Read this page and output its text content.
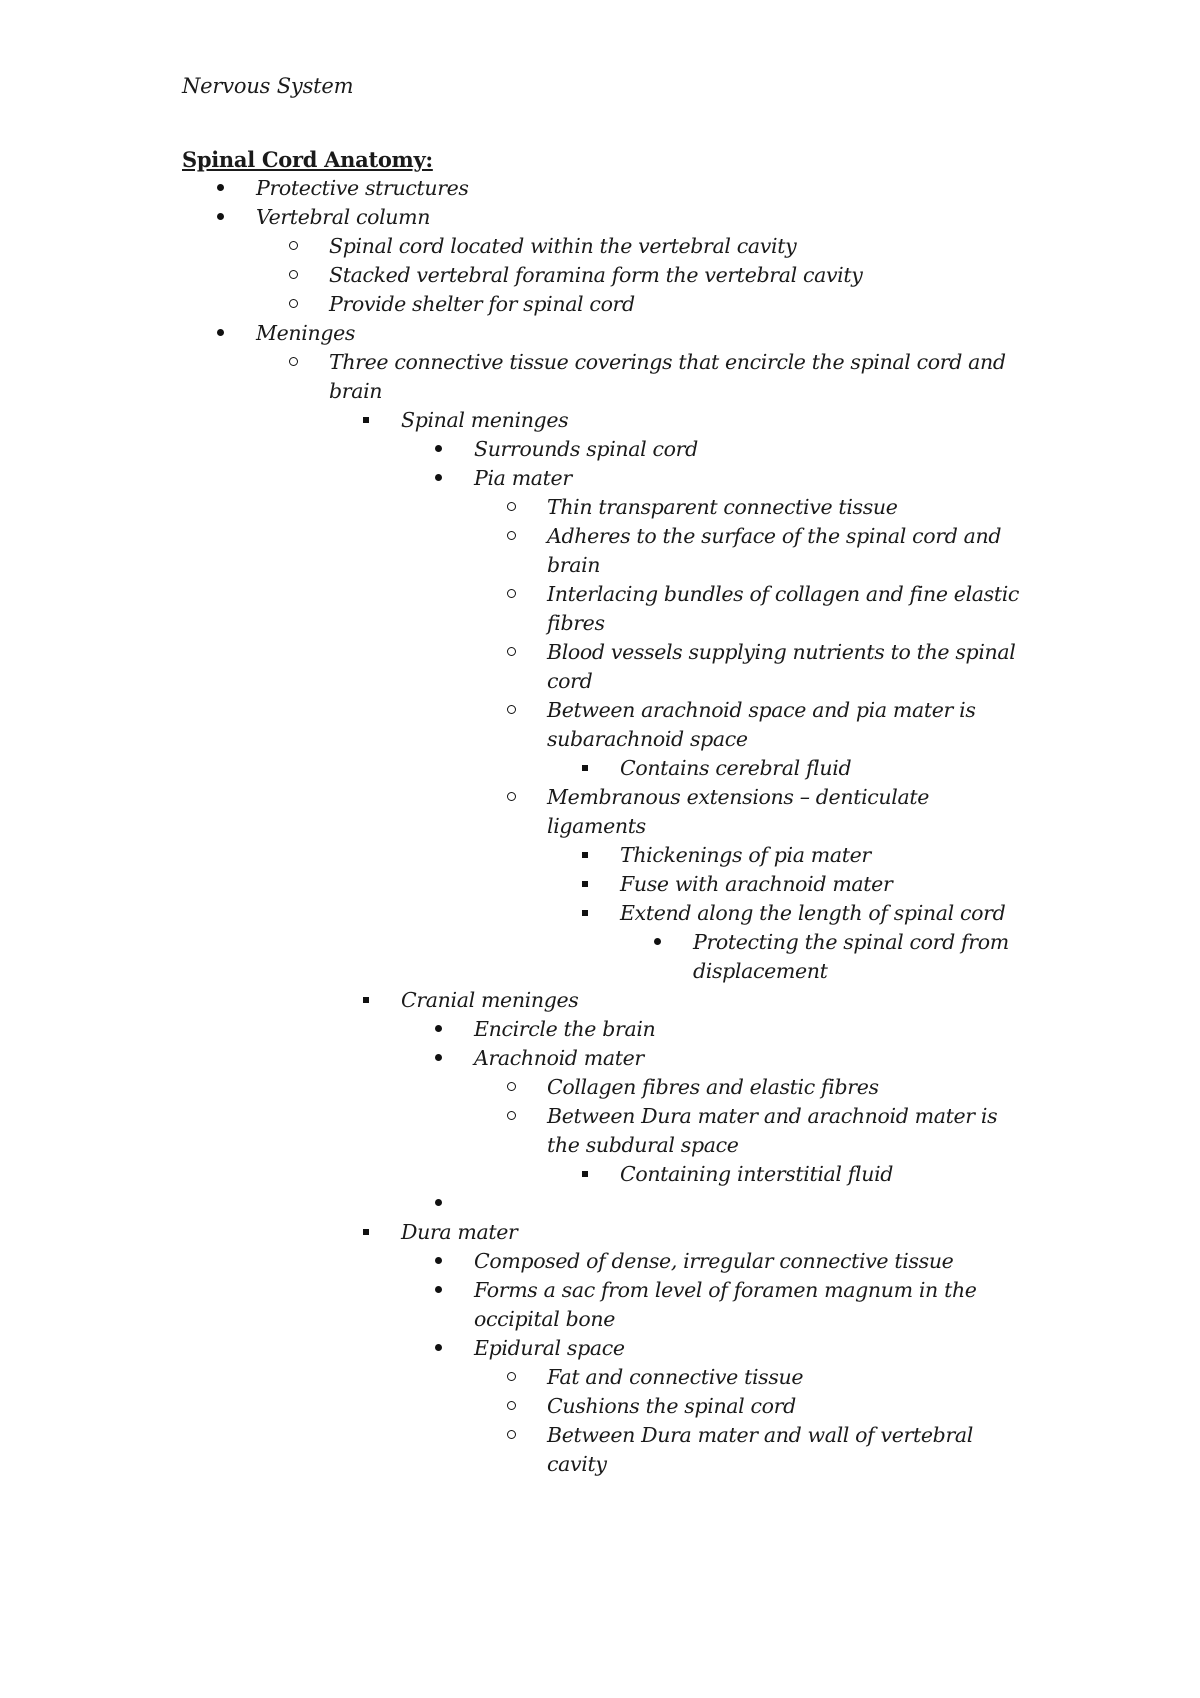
Nervous System
Spinal Cord Anatomy:
Protective structures
Vertebral column
Spinal cord located within the vertebral cavity
Stacked vertebral foramina form the vertebral cavity
Provide shelter for spinal cord
Meninges
Three connective tissue coverings that encircle the spinal cord and
brain
Spinal meninges
Surrounds spinal cord
Pia mater
Thin transparent connective tissue
Adheres to the surface of the spinal cord and
brain
Interlacing bundles of collagen and fine elastic
fibres
Blood vessels supplying nutrients to the spinal
cord
Between arachnoid space and pia mater is
subarachnoid space
Contains cerebral fluid
Membranous extensions – denticulate
ligaments
Thickenings of pia mater
Fuse with arachnoid mater
Extend along the length of spinal cord
Protecting the spinal cord from
displacement
Cranial meninges
Encircle the brain
Arachnoid mater
Collagen fibres and elastic fibres
Between Dura mater and arachnoid mater is
the subdural space
Containing interstitial fluid
Dura mater
Composed of dense, irregular connective tissue
Forms a sac from level of foramen magnum in the
occipital bone
Epidural space
Fat and connective tissue
Cushions the spinal cord
Between Dura mater and wall of vertebral
cavity
